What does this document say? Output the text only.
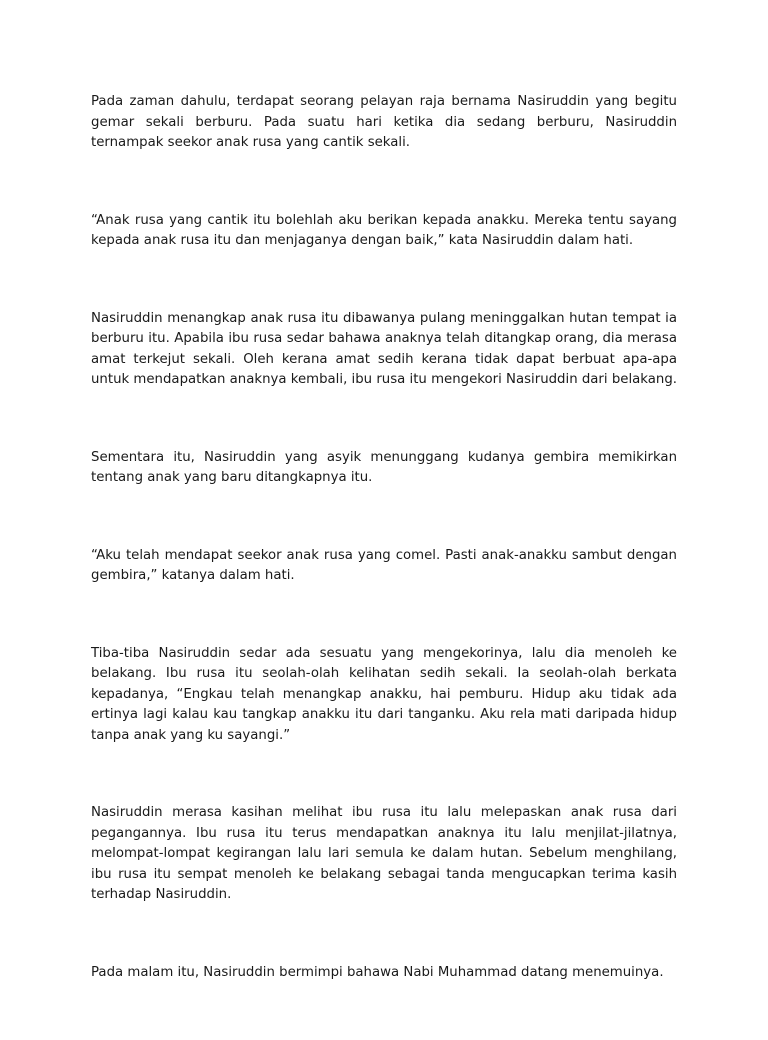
Pada zaman dahulu, terdapat seorang pelayan raja bernama Nasiruddin yang begitu gemar sekali berburu. Pada suatu hari ketika dia sedang berburu, Nasiruddin ternampak seekor anak rusa yang cantik sekali.

“Anak rusa yang cantik itu bolehlah aku berikan kepada anakku. Mereka tentu sayang kepada anak rusa itu dan menjaganya dengan baik,” kata Nasiruddin dalam hati.

Nasiruddin menangkap anak rusa itu dibawanya pulang meninggalkan hutan tempat ia berburu itu. Apabila ibu rusa sedar bahawa anaknya telah ditangkap orang, dia merasa amat terkejut sekali. Oleh kerana amat sedih kerana tidak dapat berbuat apa-apa untuk mendapatkan anaknya kembali, ibu rusa itu mengekori Nasiruddin dari belakang.

Sementara itu, Nasiruddin yang asyik menunggang kudanya gembira memikirkan tentang anak yang baru ditangkapnya itu.

“Aku telah mendapat seekor anak rusa yang comel. Pasti anak-anakku sambut dengan gembira,” katanya dalam hati.

Tiba-tiba Nasiruddin sedar ada sesuatu yang mengekorinya, lalu dia menoleh ke belakang. Ibu rusa itu seolah-olah kelihatan sedih sekali. Ia seolah-olah berkata kepadanya, “Engkau telah menangkap anakku, hai pemburu. Hidup aku tidak ada ertinya lagi kalau kau tangkap anakku itu dari tanganku. Aku rela mati daripada hidup tanpa anak yang ku sayangi.”

Nasiruddin merasa kasihan melihat ibu rusa itu lalu melepaskan anak rusa dari pegangannya. Ibu rusa itu terus mendapatkan anaknya itu lalu menjilat-jilatnya, melompat-lompat kegirangan lalu lari semula ke dalam hutan. Sebelum menghilang, ibu rusa itu sempat menoleh ke belakang sebagai tanda mengucapkan terima kasih terhadap Nasiruddin.

Pada malam itu, Nasiruddin bermimpi bahawa Nabi Muhammad datang menemuinya.
